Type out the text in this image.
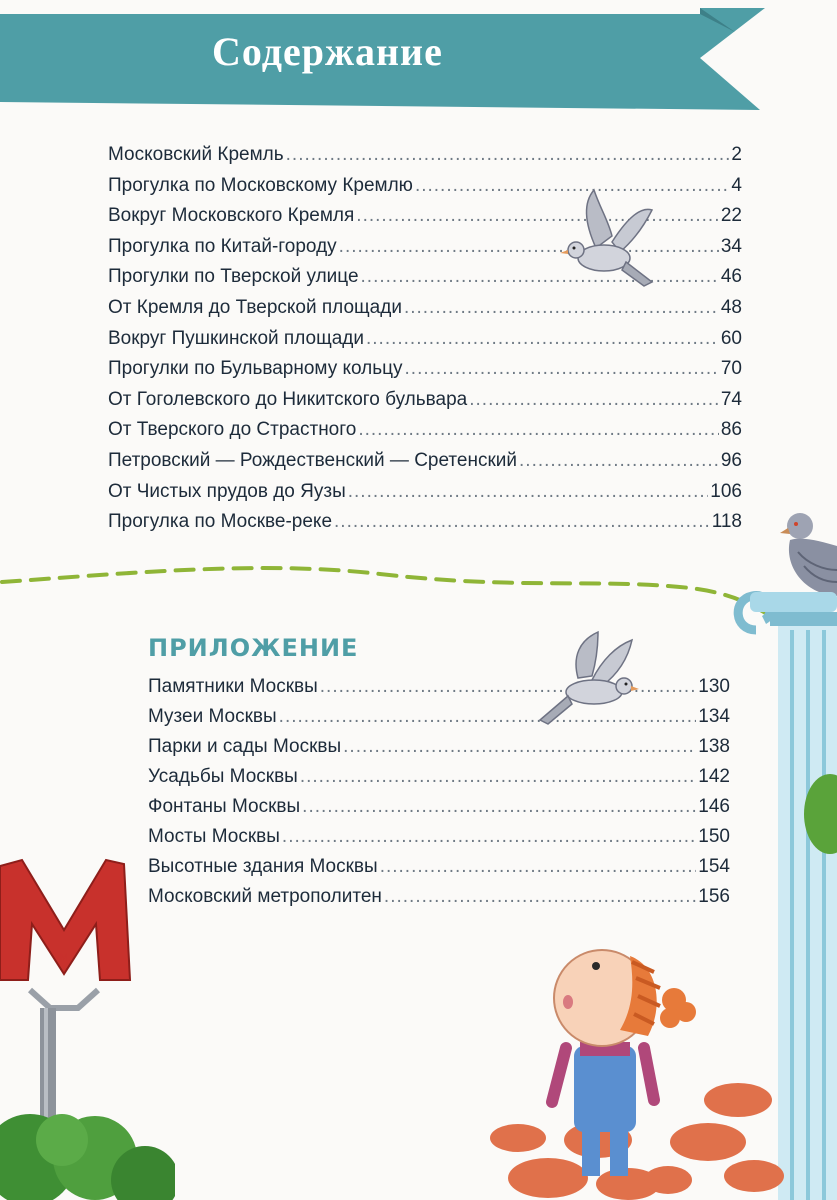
Содержание
Московский Кремль .....	2
Прогулка по Московскому Кремлю .....	4
Вокруг Московского Кремля .....	22
Прогулка по Китай-городу .....	34
Прогулки по Тверской улице .....	46
От Кремля до Тверской площади .....	48
Вокруг Пушкинской площади .....	60
Прогулки по Бульварному кольцу .....	70
От Гоголевского до Никитского бульвара .....	74
От Тверского до Страстного .....	86
Петровский — Рождественский — Сретенский .....	96
От Чистых прудов до Яузы .....	106
Прогулка по Москве-реке .....	118
ПРИЛОЖЕНИЕ
Памятники Москвы .....	130
Музеи Москвы .....	134
Парки и сады Москвы .....	138
Усадьбы Москвы .....	142
Фонтаны Москвы .....	146
Мосты Москвы .....	150
Высотные здания Москвы .....	154
Московский метрополитен .....	156
M
